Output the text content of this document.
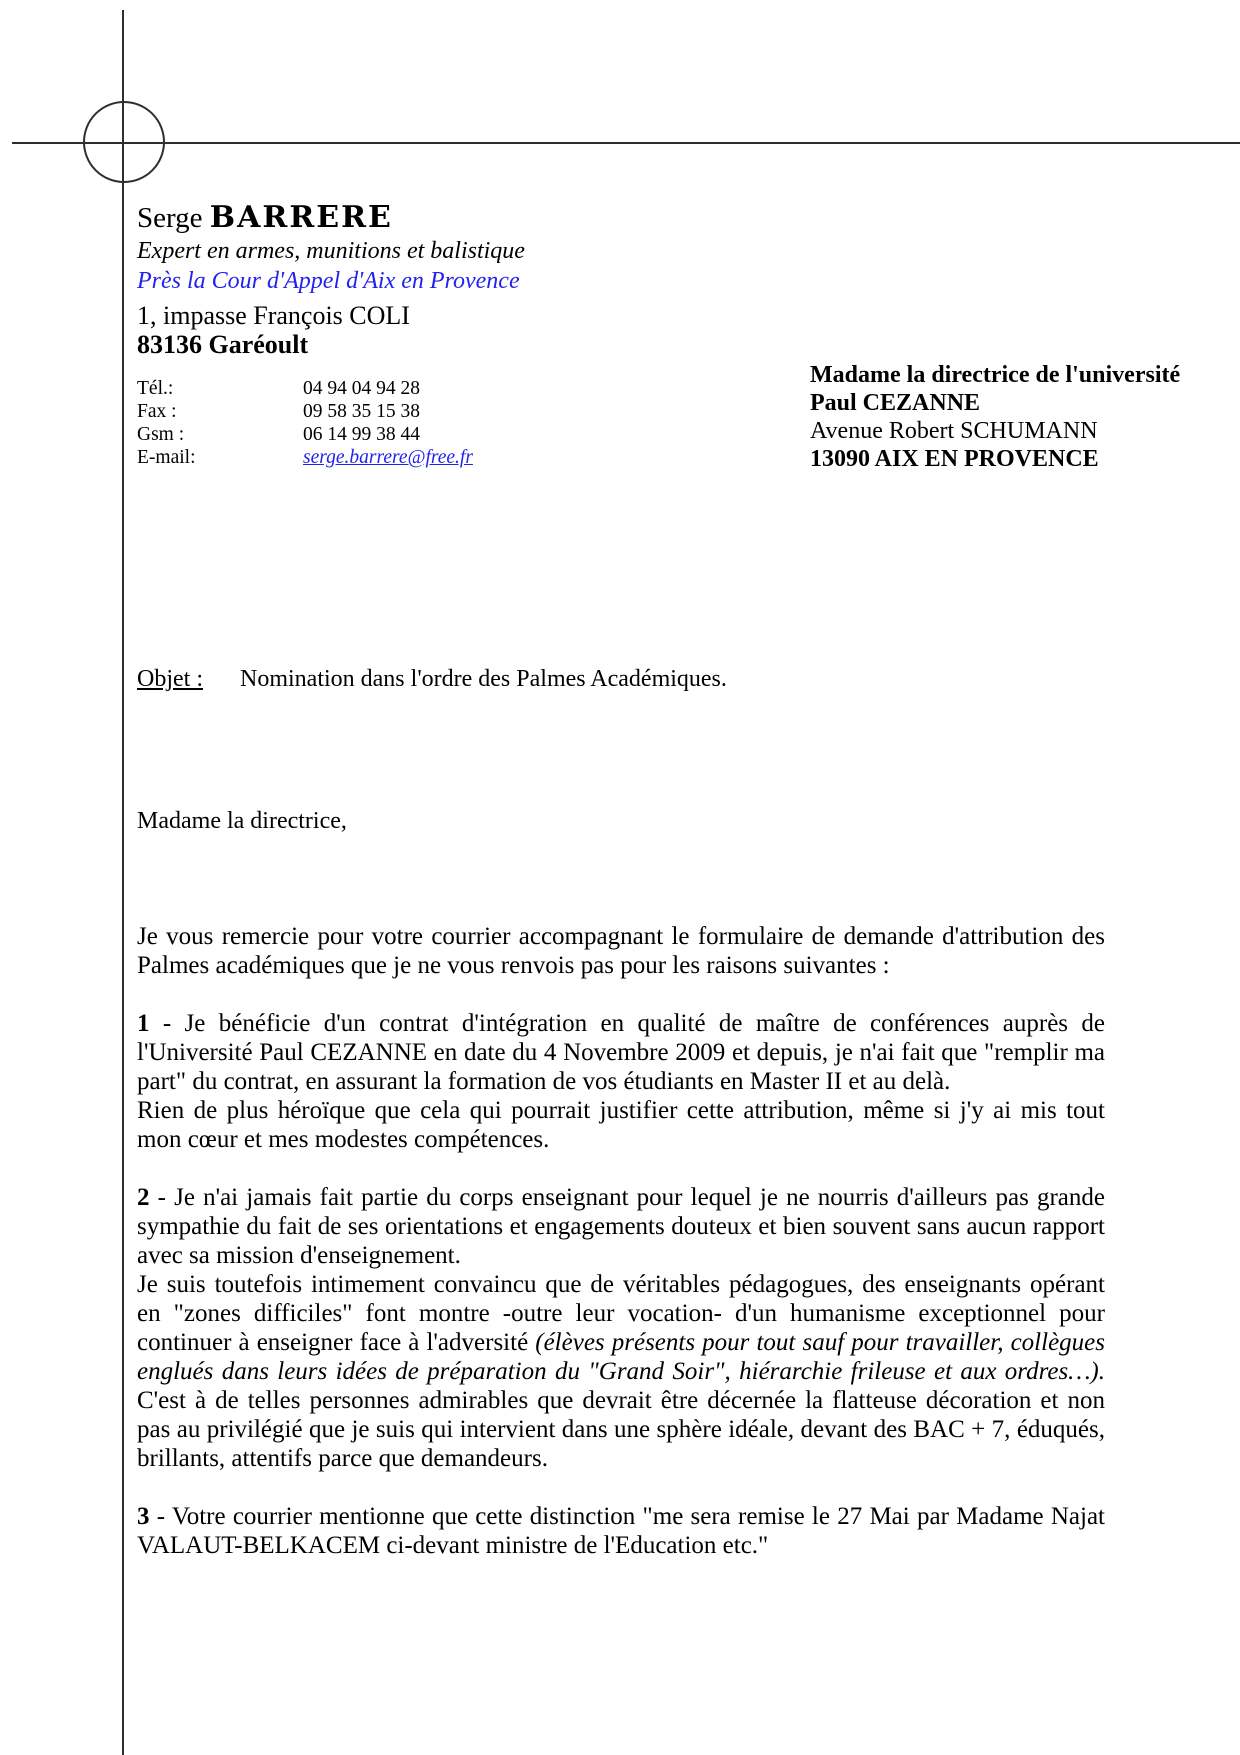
Serge BARRERE
Expert en armes, munitions et balistique
Près la Cour d'Appel d'Aix en Provence
1, impasse François COLI
83136 Garéoult
Tél.:	04 94 04 94 28
Fax :	09 58 35 15 38
Gsm :	06 14 99 38 44
E-mail:	serge.barrere@free.fr
Madame la directrice de l'université
Paul CEZANNE
Avenue Robert SCHUMANN
13090 AIX EN PROVENCE
Objet : Nomination dans l'ordre des Palmes Académiques.
Madame la directrice,

Je vous remercie pour votre courrier accompagnant le formulaire de demande d'attribution des Palmes académiques que je ne vous renvois pas pour les raisons suivantes :

1 - Je bénéficie d'un contrat d'intégration en qualité de maître de conférences auprès de l'Université Paul CEZANNE en date du 4 Novembre 2009 et depuis, je n'ai fait que "remplir ma part" du contrat, en assurant la formation de vos étudiants en Master II et au delà.

Rien de plus héroïque que cela qui pourrait justifier cette attribution, même si j'y ai mis tout mon cœur et mes modestes compétences.

2 - Je n'ai jamais fait partie du corps enseignant pour lequel je ne nourris d'ailleurs pas grande sympathie du fait de ses orientations et engagements douteux et bien souvent sans aucun rapport avec sa mission d'enseignement.

Je suis toutefois intimement convaincu que de véritables pédagogues, des enseignants opérant en "zones difficiles" font montre -outre leur vocation- d'un humanisme exceptionnel pour continuer à enseigner face à l'adversité (élèves présents pour tout sauf pour travailler, collègues englués dans leurs idées de préparation du "Grand Soir", hiérarchie frileuse et aux ordres…). C'est à de telles personnes admirables que devrait être décernée la flatteuse décoration et non pas au privilégié que je suis qui intervient dans une sphère idéale, devant des BAC + 7, éduqués, brillants, attentifs parce que demandeurs.

3 - Votre courrier mentionne que cette distinction "me sera remise le 27 Mai par Madame Najat VALAUT-BELKACEM ci-devant ministre de l'Education etc."
